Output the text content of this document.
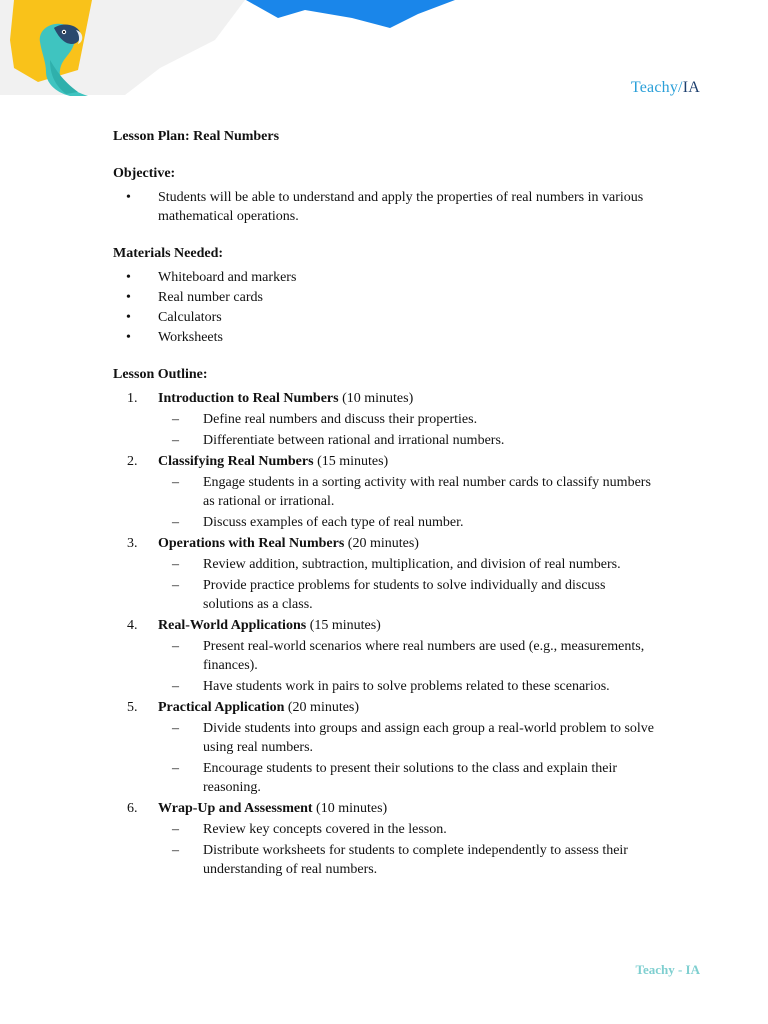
Teachy/IA
Lesson Plan: Real Numbers
Objective:
• Students will be able to understand and apply the properties of real numbers in various mathematical operations.
Materials Needed:
• Whiteboard and markers
• Real number cards
• Calculators
• Worksheets
Lesson Outline:
1. Introduction to Real Numbers (10 minutes)
– Define real numbers and discuss their properties.
– Differentiate between rational and irrational numbers.
2. Classifying Real Numbers (15 minutes)
– Engage students in a sorting activity with real number cards to classify numbers as rational or irrational.
– Discuss examples of each type of real number.
3. Operations with Real Numbers (20 minutes)
– Review addition, subtraction, multiplication, and division of real numbers.
– Provide practice problems for students to solve individually and discuss solutions as a class.
4. Real-World Applications (15 minutes)
– Present real-world scenarios where real numbers are used (e.g., measurements, finances).
– Have students work in pairs to solve problems related to these scenarios.
5. Practical Application (20 minutes)
– Divide students into groups and assign each group a real-world problem to solve using real numbers.
– Encourage students to present their solutions to the class and explain their reasoning.
6. Wrap-Up and Assessment (10 minutes)
– Review key concepts covered in the lesson.
– Distribute worksheets for students to complete independently to assess their understanding of real numbers.
Teachy - IA
